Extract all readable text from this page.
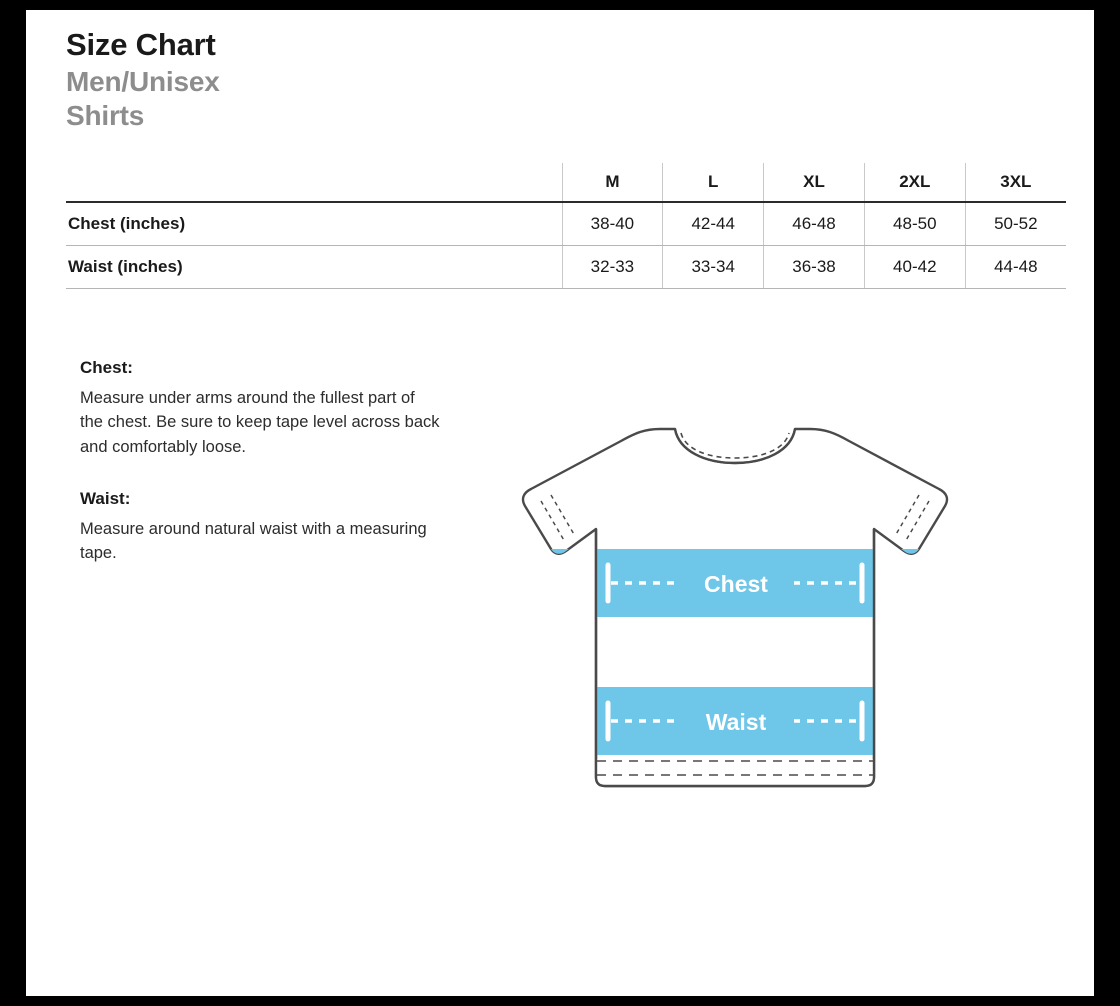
Size Chart
Men/Unisex
Shirts
	M	L	XL	2XL	3XL
Chest (inches)	38-40	42-44	46-48	48-50	50-52
Waist (inches)	32-33	33-34	36-38	40-42	44-48

Chest:

Measure under arms around the fullest part of the chest. Be sure to keep tape level across back and comfortably loose.

Waist:

Measure around natural waist with a measuring tape.

Chest
Waist
